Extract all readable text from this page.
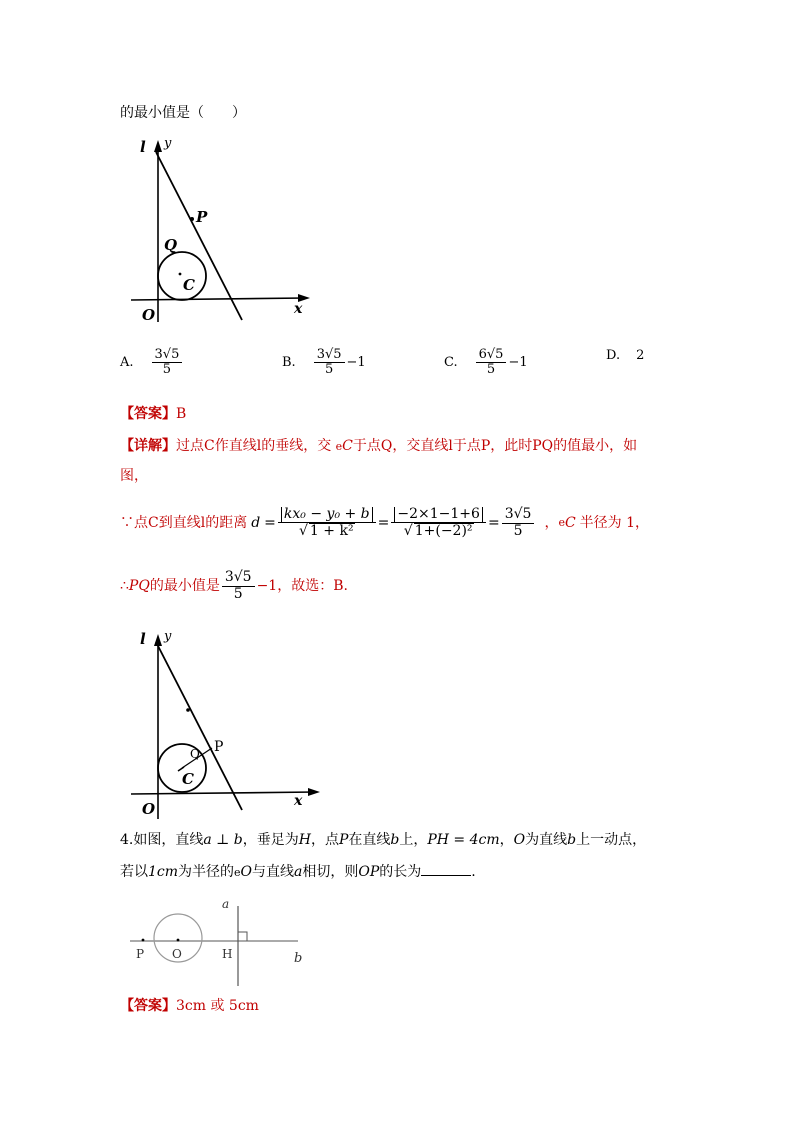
的最小值是（　　）
l y
x
O
P
Q
C
A. $\frac{3√5}{5}$	B. $\frac{3√5}{5} -1$	C. $\frac{6√5}{5} -1$	D. 2
【答案】B
【详解】过点C作直线l的垂线，交 eC于点Q，交直线l于点P，此时PQ的值最小，如
图，
∵点C到直线l的距离 $d = \frac{\text{kx₀ − y₀ + b}}{\text{√ 1 + k²}} = \frac{-2\times 1-1+6}{\text{√ 1+(−2)²}} = \frac{3√5}{5}$ ， e C 半径为 1，
∴ PQ 的最小值是 $\frac{3√5}{5} -1$，故选：B.
l y
x
O
P
Q
C
4.如图，直线a ⊥ b，垂足为H，点P在直线b上，PH = 4cm，O为直线b上一动点，
若以1cm为半径的eO与直线a相切，则OP的长为	.
a
b
P O	H
【答案】3cm 或 5cm
